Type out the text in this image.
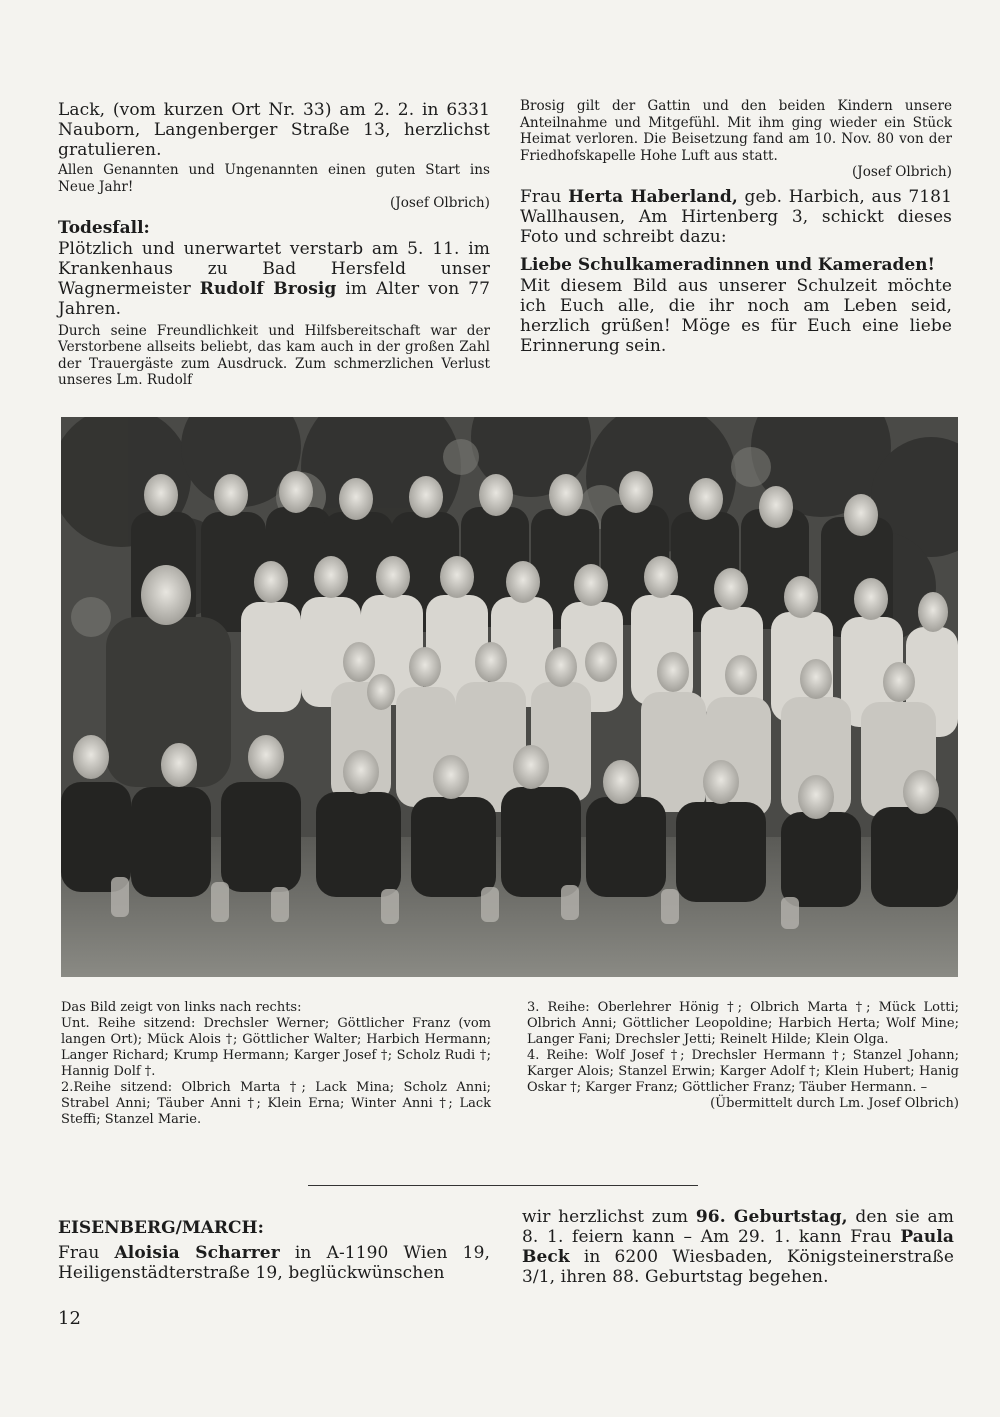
Lack, (vom kurzen Ort Nr. 33) am 2. 2. in 6331 Nauborn, Langenberger Straße 13, herzlichst gratulieren.

Allen Genannten und Ungenannten einen guten Start ins Neue Jahr!

(Josef Olbrich)

Todesfall:

Plötzlich und unerwartet verstarb am 5. 11. im Krankenhaus zu Bad Hersfeld unser Wagnermeister Rudolf Brosig im Alter von 77 Jahren.

Durch seine Freundlichkeit und Hilfsbereitschaft war der Verstorbene allseits beliebt, das kam auch in der großen Zahl der Trauergäste zum Ausdruck. Zum schmerzlichen Verlust unseres Lm. Rudolf

Brosig gilt der Gattin und den beiden Kindern unsere Anteilnahme und Mitgefühl. Mit ihm ging wieder ein Stück Heimat verloren. Die Beisetzung fand am 10. Nov. 80 von der Friedhofskapelle Hohe Luft aus statt.

(Josef Olbrich)

Frau Herta Haberland, geb. Harbich, aus 7181 Wallhausen, Am Hirtenberg 3, schickt dieses Foto und schreibt dazu:

Liebe Schulkameradinnen und Kameraden!

Mit diesem Bild aus unserer Schulzeit möchte ich Euch alle, die ihr noch am Leben seid, herzlich grüßen! Möge es für Euch eine liebe Erinnerung sein.

Das Bild zeigt von links nach rechts:

Unt. Reihe sitzend: Drechsler Werner; Göttlicher Franz (vom langen Ort); Mück Alois †; Göttlicher Walter; Harbich Hermann; Langer Richard; Krump Hermann; Karger Josef †; Scholz Rudi †; Hannig Dolf †.

2.Reihe sitzend: Olbrich Marta †; Lack Mina; Scholz Anni; Strabel Anni; Täuber Anni †; Klein Erna; Winter Anni †; Lack Steffi; Stanzel Marie.

3. Reihe: Oberlehrer Hönig †; Olbrich Marta †; Mück Lotti; Olbrich Anni; Göttlicher Leopoldine; Harbich Herta; Wolf Mine; Langer Fani; Drechsler Jetti; Reinelt Hilde; Klein Olga.

4. Reihe: Wolf Josef †; Drechsler Hermann †; Stanzel Johann; Karger Alois; Stanzel Erwin; Karger Adolf †; Klein Hubert; Hanig Oskar †; Karger Franz; Göttlicher Franz; Täuber Hermann. –

(Übermittelt durch Lm. Josef Olbrich)

EISENBERG/MARCH:

Frau Aloisia Scharrer in A-1190 Wien 19, Heiligenstädterstraße 19, beglückwünschen

wir herzlichst zum 96. Geburtstag, den sie am 8. 1. feiern kann – Am 29. 1. kann Frau Paula Beck in 6200 Wiesbaden, Königsteinerstraße 3/1, ihren 88. Geburtstag begehen.

12
